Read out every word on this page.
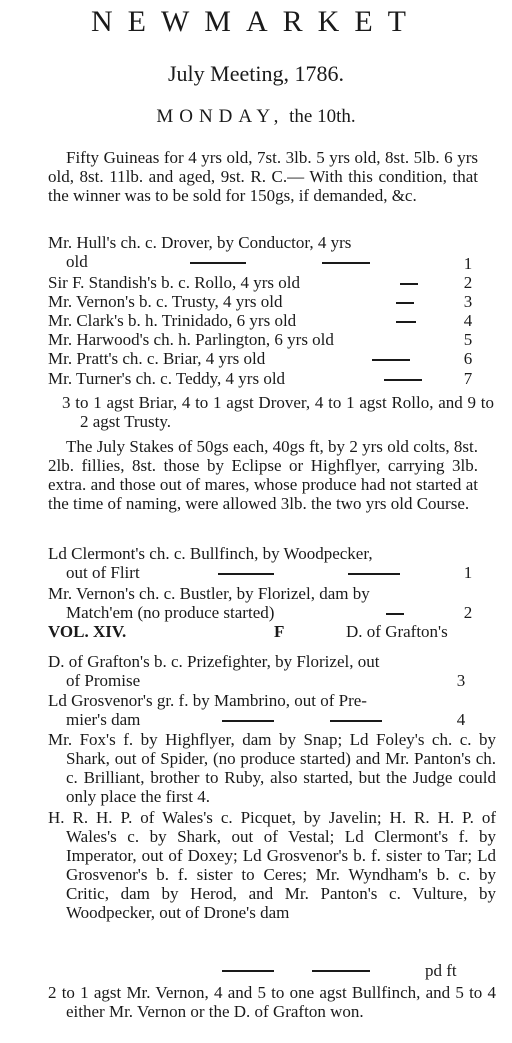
NEWMARKET
July Meeting, 1786.
MONDAY, the 10th.
Fifty Guineas for 4 yrs old, 7st. 3lb. 5 yrs old, 8st. 5lb. 6 yrs old, 8st. 11lb. and aged, 9st. R. C.— With this condition, that the winner was to be sold for 150gs, if demanded, &c.
Mr. Hull's ch. c. Drover, by Conductor, 4 yrs
old	1
Sir F. Standish's b. c. Rollo, 4 yrs old	2
Mr. Vernon's b. c. Trusty, 4 yrs old	3
Mr. Clark's b. h. Trinidado, 6 yrs old	4
Mr. Harwood's ch. h. Parlington, 6 yrs old	5
Mr. Pratt's ch. c. Briar, 4 yrs old	6
Mr. Turner's ch. c. Teddy, 4 yrs old	7
3 to 1 agst Briar, 4 to 1 agst Drover, 4 to 1 agst Rollo, and 9 to 2 agst Trusty.
The July Stakes of 50gs each, 40gs ft, by 2 yrs old colts, 8st. 2lb. fillies, 8st. those by Eclipse or Highflyer, carrying 3lb. extra. and those out of mares, whose produce had not started at the time of naming, were allowed 3lb. the two yrs old Course.
Ld Clermont's ch. c. Bullfinch, by Woodpecker,
out of Flirt	1
Mr. Vernon's ch. c. Bustler, by Florizel, dam by
Match'em (no produce started)	2
VOL. XIV.	F	D. of Grafton's
D. of Grafton's b. c. Prizefighter, by Florizel, out
of Promise	3
Ld Grosvenor's gr. f. by Mambrino, out of Pre-
mier's dam	4
Mr. Fox's f. by Highflyer, dam by Snap; Ld Foley's ch. c. by Shark, out of Spider, (no produce started) and Mr. Panton's ch. c. Brilliant, brother to Ruby, also started, but the Judge could only place the first 4.
H. R. H. P. of Wales's c. Picquet, by Javelin; H. R. H. P. of Wales's c. by Shark, out of Vestal; Ld Clermont's f. by Imperator, out of Doxey; Ld Grosvenor's b. f. sister to Tar; Ld Grosvenor's b. f. sister to Ceres; Mr. Wyndham's b. c. by Critic, dam by Herod, and Mr. Panton's c. Vulture, by Woodpecker, out of Drone's dam
pd ft
2 to 1 agst Mr. Vernon, 4 and 5 to one agst Bullfinch, and 5 to 4 either Mr. Vernon or the D. of Grafton won.
